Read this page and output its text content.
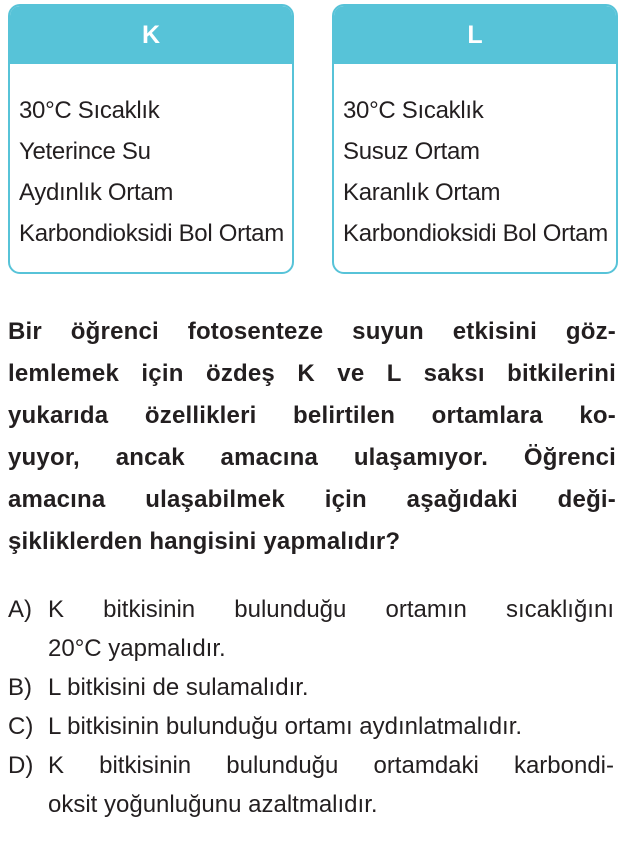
K
30°C Sıcaklık
Yeterince Su
Aydınlık Ortam
Karbondioksidi Bol Ortam
L
30°C Sıcaklık
Susuz Ortam
Karanlık Ortam
Karbondioksidi Bol Ortam

Bir öğrenci fotosenteze suyun etkisini göz-
lemlemek için özdeş K ve L saksı bitkilerini
yukarıda özellikleri belirtilen ortamlara ko-
yuyor, ancak amacına ulaşamıyor. Öğrenci
amacına ulaşabilmek için aşağıdaki deği-
şikliklerden hangisini yapmalıdır?

A) K bitkisinin bulunduğu ortamın sıcaklığını
20°C yapmalıdır.
B) L bitkisini de sulamalıdır.
C) L bitkisinin bulunduğu ortamı aydınlatmalıdır.
D) K bitkisinin bulunduğu ortamdaki karbondi-
oksit yoğunluğunu azaltmalıdır.
